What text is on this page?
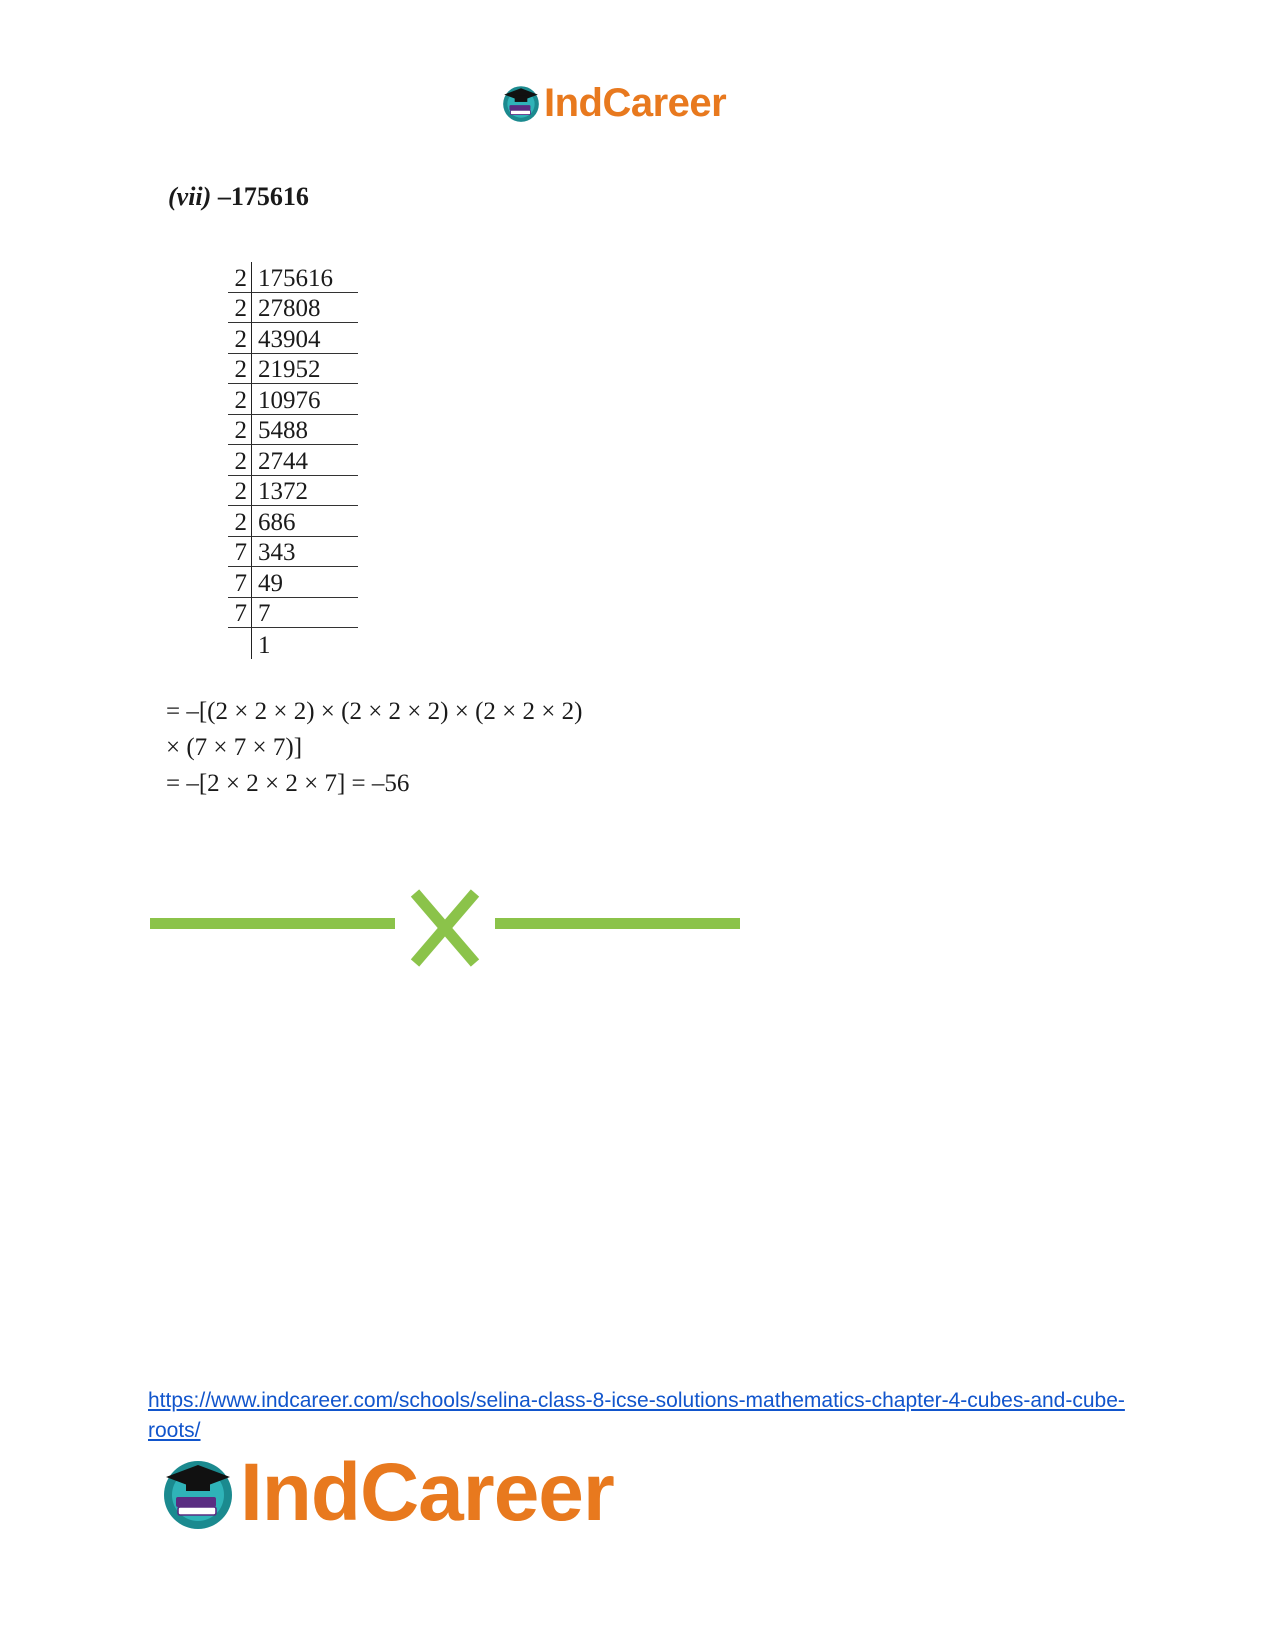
IndCareer
(vii) –175616
2 175616
2 27808
2 43904
2 21952
2 10976
2 5488
2 2744
2 1372
2 686
7 343
7 49
7 7
1
= –[(2 × 2 × 2) × (2 × 2 × 2) × (2 × 2 × 2)
× (7 × 7 × 7)]
= –[2 × 2 × 2 × 7] = –56
https://www.indcareer.com/schools/selina-class-8-icse-solutions-mathematics-chapter-4-cubes-and-cube-roots/
IndCareer
